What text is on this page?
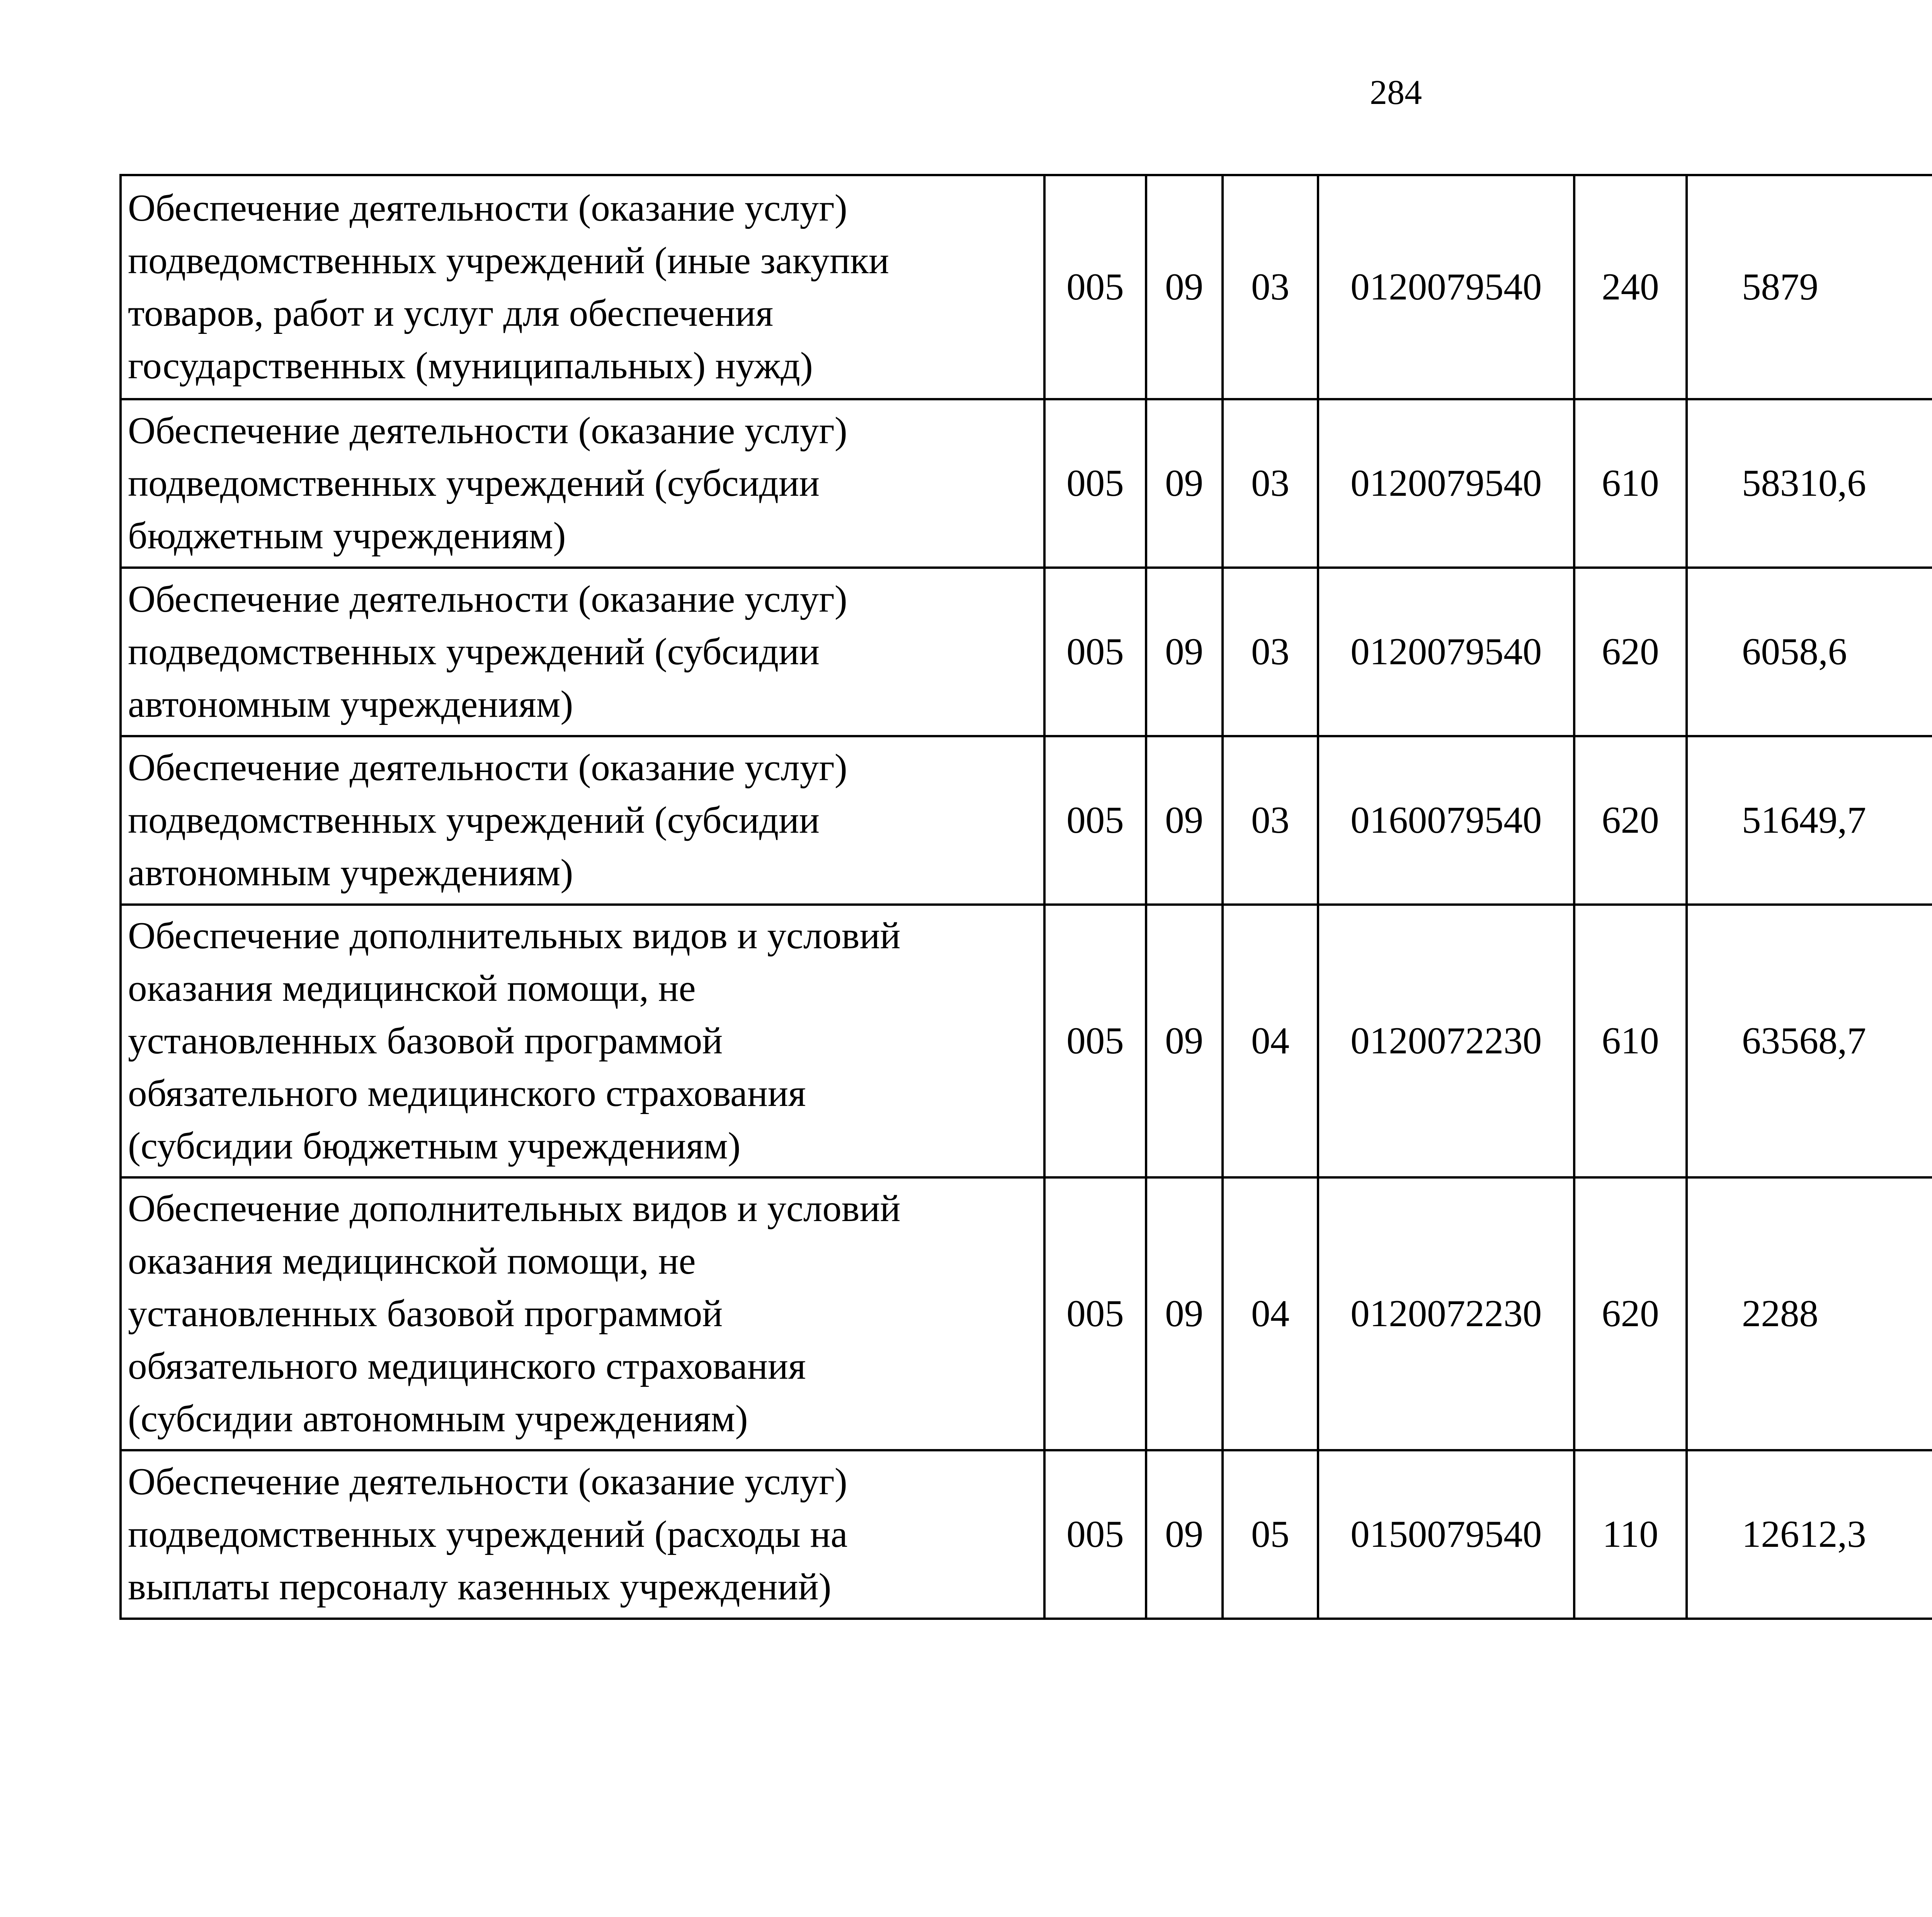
284
Обеспечение деятельности (оказание услуг)
подведомственных учреждений (иные закупки
товаров, работ и услуг для обеспечения
государственных (муниципальных) нужд)	005	09	03	0120079540	240	5879		

Обеспечение деятельности (оказание услуг)
подведомственных учреждений (субсидии
бюджетным учреждениям)	005	09	03	0120079540	610	58310,6		

Обеспечение деятельности (оказание услуг)
подведомственных учреждений (субсидии
автономным учреждениям)	005	09	03	0120079540	620	6058,6		

Обеспечение деятельности (оказание услуг)
подведомственных учреждений (субсидии
автономным учреждениям)	005	09	03	0160079540	620	51649,7		

Обеспечение дополнительных видов и условий
оказания медицинской помощи, не
установленных базовой программой
обязательного медицинского страхования
(субсидии бюджетным учреждениям)	005	09	04	0120072230	610	63568,7		

Обеспечение дополнительных видов и условий
оказания медицинской помощи, не
установленных базовой программой
обязательного медицинского страхования
(субсидии автономным учреждениям)	005	09	04	0120072230	620	2288		

Обеспечение деятельности (оказание услуг)
подведомственных учреждений (расходы на
выплаты персоналу казенных учреждений)	005	09	05	0150079540	110	12612,3		
